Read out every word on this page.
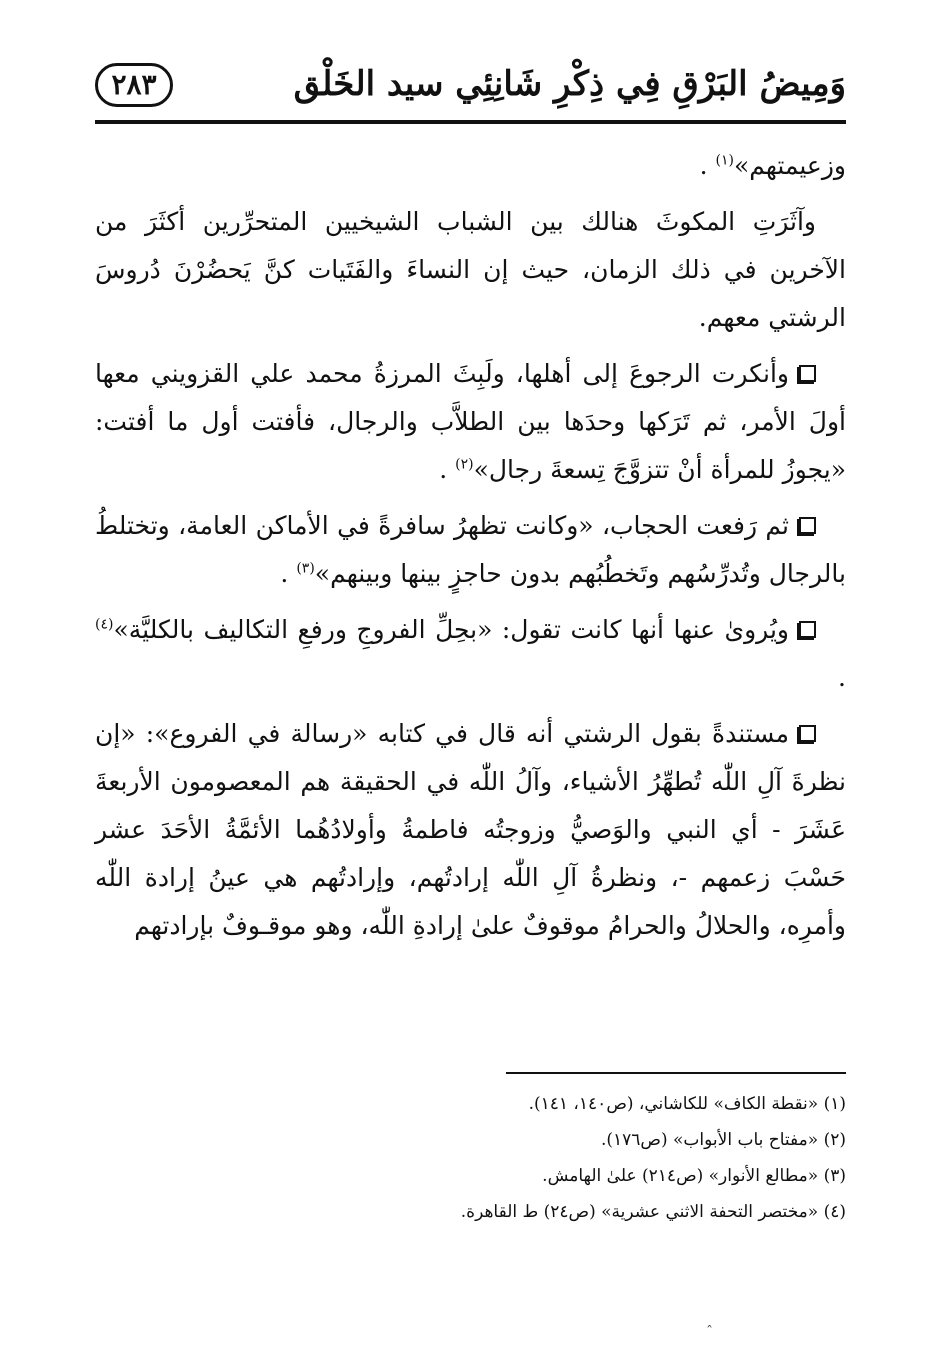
وَمِيضُ البَرْقِ فِي ذِكْرِ شَانِئِي سيد الخَلْق
٢٨٣

وزعيمتهم»$^{(١)}$ .

وآثَرَتِ المكوثَ هنالك بين الشباب الشيخيين المتحرِّرين أكثَرَ من الآخرين في ذلك الزمان، حيث إن النساءَ والفَتَيات كنَّ يَحضُرْنَ دُروسَ الرشتي معهم.

وأنكرت الرجوعَ إلى أهلها، ولَبِثَ المرزةُ محمد علي القزويني معها أولَ الأمر، ثم تَرَكها وحدَها بين الطلاَّب والرجال، فأفتت أول ما أفتت: «يجوزُ للمرأة أنْ تتزوَّجَ تِسعةَ رجال»$^{(٢)}$ .

ثم رَفعت الحجاب، «وكانت تظهرُ سافرةً في الأماكن العامة، وتختلطُ بالرجال وتُدرِّسُهم وتَخطُبُهم بدون حاجزٍ بينها وبينهم»$^{(٣)}$ .

ويُروىٰ عنها أنها كانت تقول: «بحِلِّ الفروجِ ورفعِ التكاليف بالكليَّة»$^{(٤)}$ .

مستندةً بقول الرشتي أنه قال في كتابه «رسالة في الفروع»: «إن نظرةَ آلِ اللّٰه تُطهِّرُ الأشياء، وآلُ اللّٰه في الحقيقة هم المعصومون الأربعةَ عَشَرَ - أي النبي والوَصيُّ وزوجتُه فاطمةُ وأولادُهُما الأئمَّةُ الأحَدَ عشر حَسْبَ زعمهم -، ونظرةُ آلِ اللّٰه إرادتُهم، وإرادتُهم هي عينُ إرادة اللّٰه وأمرِه، والحلالُ والحرامُ موقوفٌ علىٰ إرادةِ اللّٰه، وهو موقـوفٌ بإرادتهم

(١) «نقطة الكاف» للكاشاني، (ص١٤٠، ١٤١).
(٢) «مفتاح باب الأبواب» (ص١٧٦).
(٣) «مطالع الأنوار» (ص٢١٤) علىٰ الهامش.
(٤) «مختصر التحفة الاثني عشرية» (ص٢٤) ط القاهرة.
ˆ
